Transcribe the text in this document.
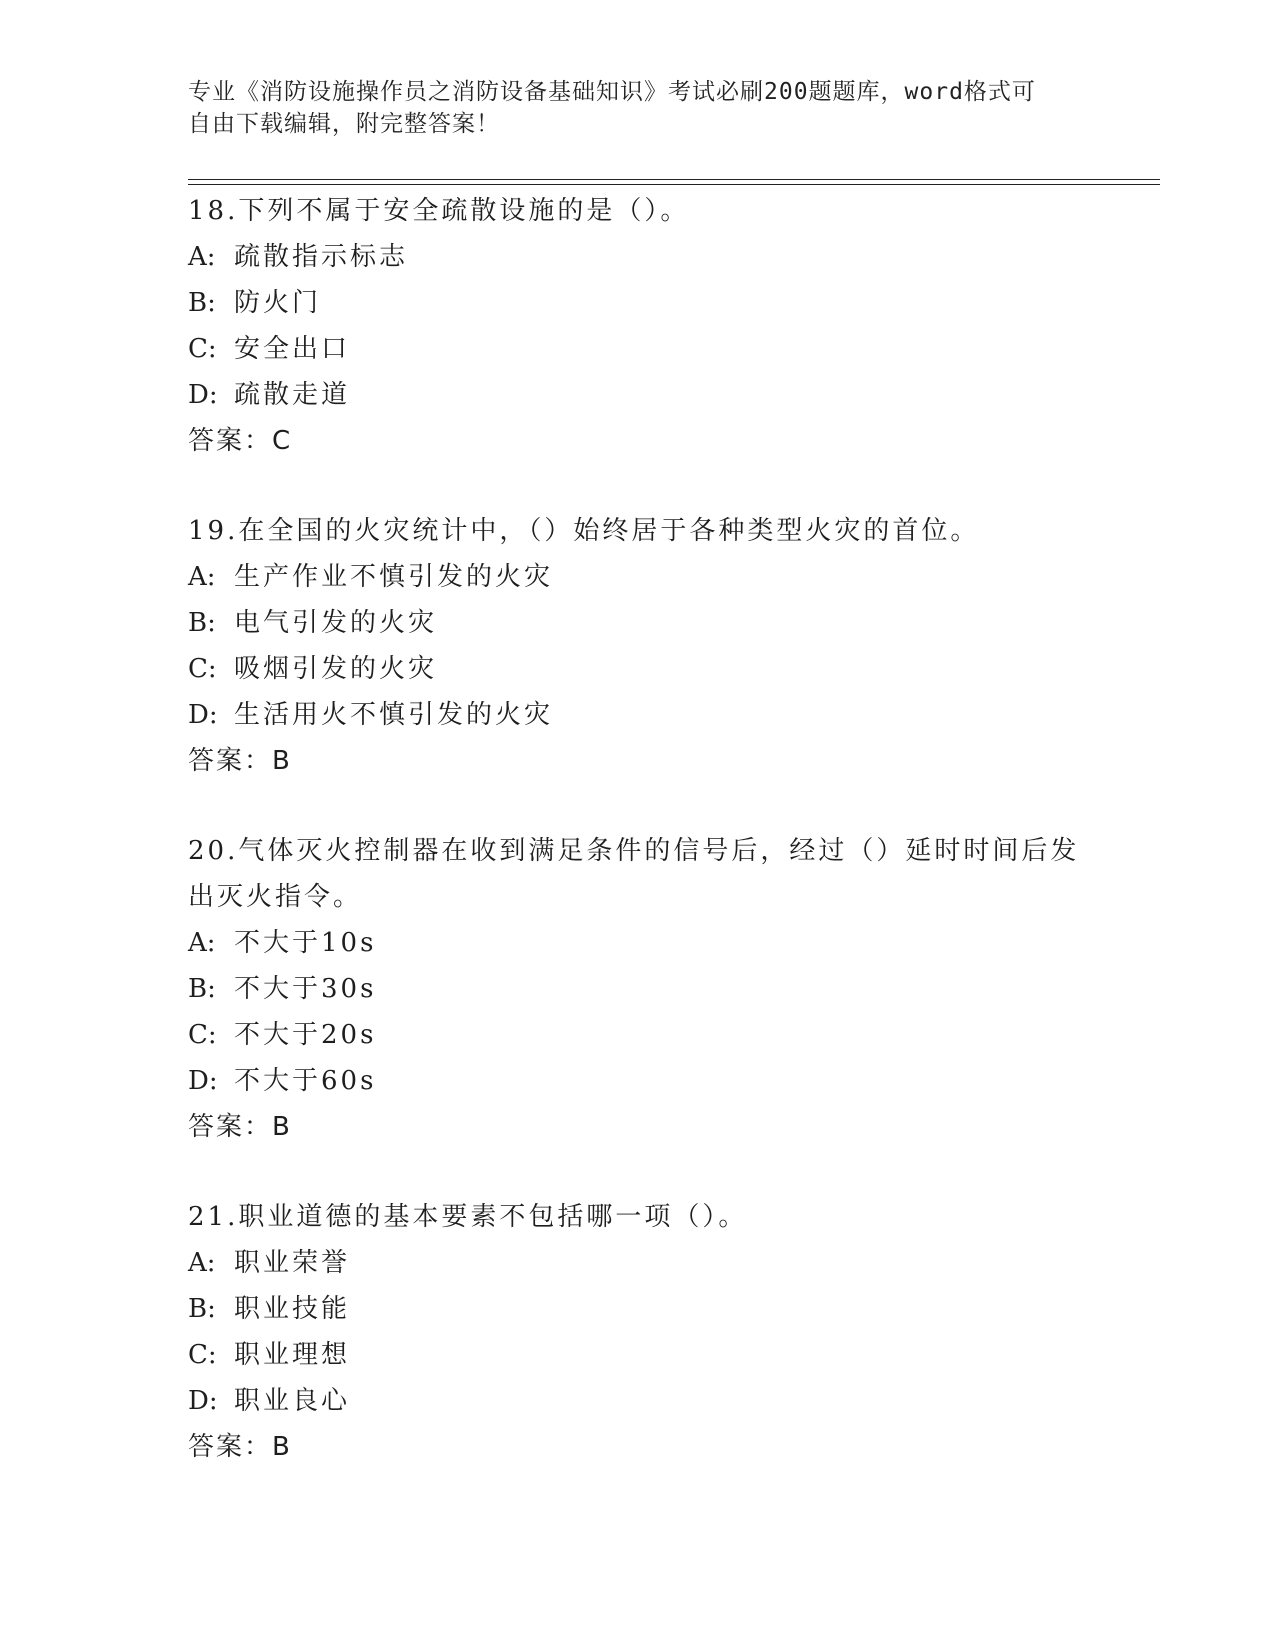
专业《消防设施操作员之消防设备基础知识》考试必刷200题题库，word格式可
自由下载编辑，附完整答案！

18.下列不属于安全疏散设施的是（）。

A: 疏散指示标志
B: 防火门
C: 安全出口
D: 疏散走道
答案：C

19.在全国的火灾统计中，（）始终居于各种类型火灾的首位。

A: 生产作业不慎引发的火灾
B: 电气引发的火灾
C: 吸烟引发的火灾
D: 生活用火不慎引发的火灾
答案：B

20.气体灭火控制器在收到满足条件的信号后，经过（）延时时间后发出灭火指令。

A: 不大于10s
B: 不大于30s
C: 不大于20s
D: 不大于60s
答案：B

21.职业道德的基本要素不包括哪一项（）。

A: 职业荣誉
B: 职业技能
C: 职业理想
D: 职业良心
答案：B
